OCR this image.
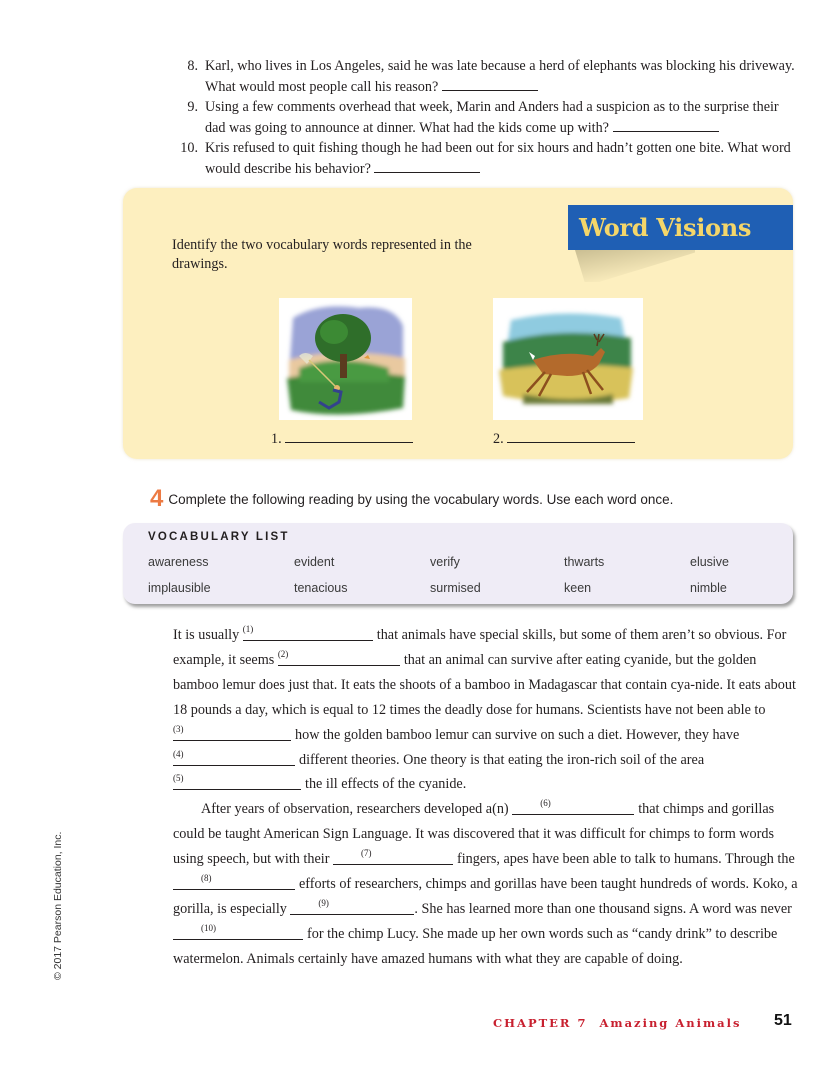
8. Karl, who lives in Los Angeles, said he was late because a herd of elephants was blocking his driveway. What would most people call his reason?
9. Using a few comments overhead that week, Marin and Anders had a suspicion as to the surprise their dad was going to announce at dinner. What had the kids come up with?
10. Kris refused to quit fishing though he had been out for six hours and hadn’t gotten one bite. What word would describe his behavior?
Word Visions
Identify the two vocabulary words represented in the drawings.
1.	2.
4 Complete the following reading by using the vocabulary words. Use each word once.
VOCABULARY LIST
awareness	evident	verify	thwarts	elusive
implausible	tenacious	surmised	keen	nimble

It is usually (1)	that animals have special skills, but some of them aren’t so obvious. For example, it seems (2)	that an animal can survive after eating cyanide, but the golden bamboo lemur does just that. It eats the shoots of a bamboo in Madagascar that contain cya-nide. It eats about 18 pounds a day, which is equal to 12 times the deadly dose for humans. Scientists have not been able to
(3)	how the golden bamboo lemur can survive on such a diet. However, they have
(4)	different theories. One theory is that eating the iron-rich soil of the area
(5)	the ill effects of the cyanide.

After years of observation, researchers developed a(n)	(6)	that chimps and gorillas could be taught American Sign Language. It was discovered that it was difficult for chimps to form words using speech, but with their	(7)	fingers, apes have been able to talk to humans. Through the
(8)	efforts of researchers, chimps and gorillas have been taught hundreds of words. Koko, a gorilla, is especially	(9)	. She has learned more than one thousand signs. A word was never
(10)	for the chimp Lucy. She made up her own words such as “candy drink” to describe watermelon. Animals certainly have amazed humans with what they are capable of doing.

© 2017 Pearson Education, Inc.
CHAPTER 7 Amazing Animals 51
